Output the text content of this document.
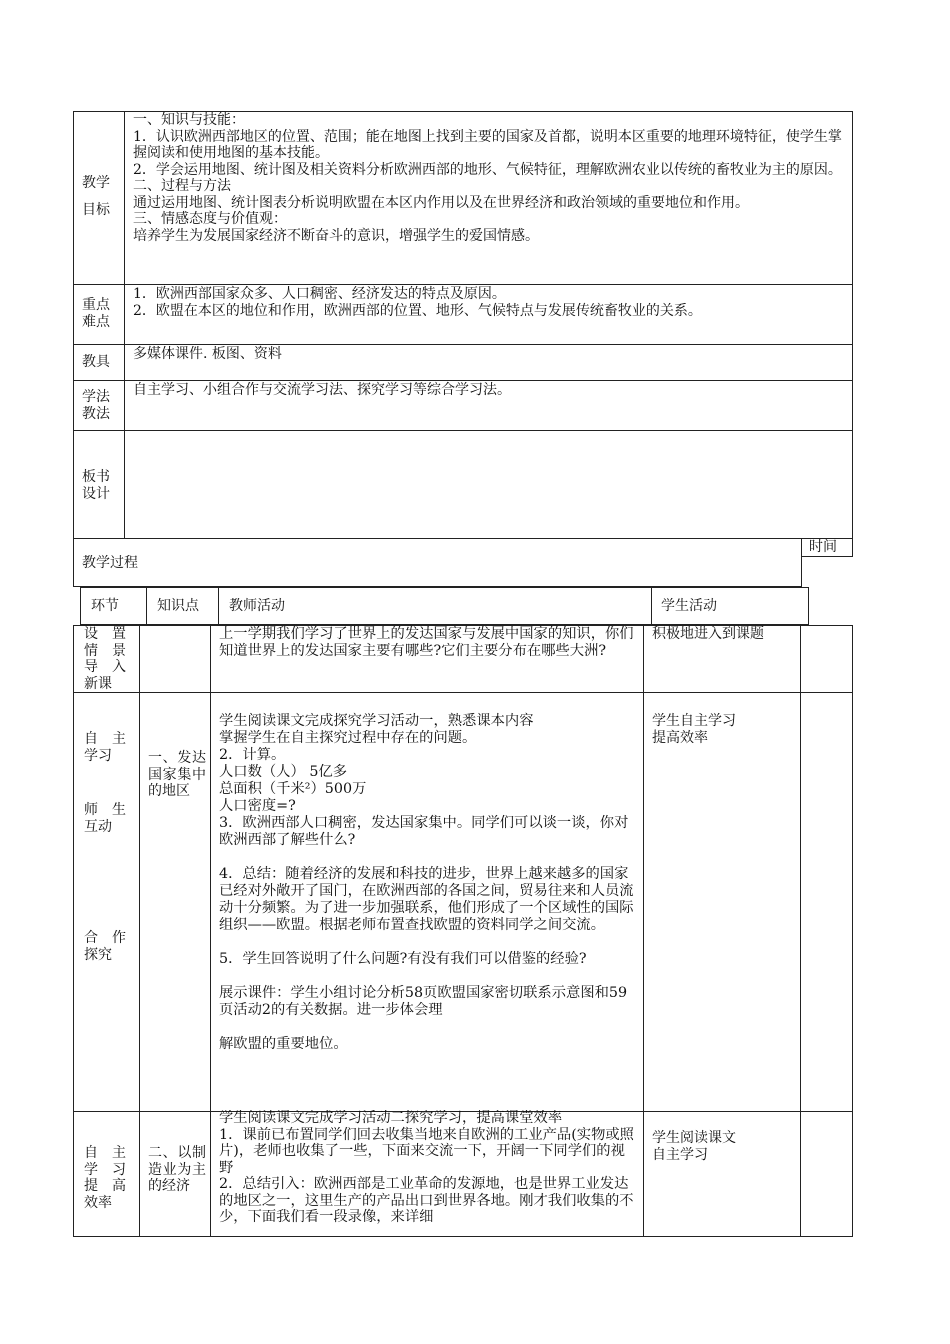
教学
目标

一、知识与技能：

1．认识欧洲西部地区的位置、范围；能在地图上找到主要的国家及首都，说明本区重要的地理环境特征，使学生掌握阅读和使用地图的基本技能。

2．学会运用地图、统计图及相关资料分析欧洲西部的地形、气候特征，理解欧洲农业以传统的畜牧业为主的原因。

二、过程与方法

通过运用地图、统计图表分析说明欧盟在本区内作用以及在世界经济和政治领域的重要地位和作用。

三、情感态度与价值观：

培养学生为发展国家经济不断奋斗的意识，增强学生的爱国情感。

重点
难点

1．欧洲西部国家众多、人口稠密、经济发达的特点及原因。

2．欧盟在本区的地位和作用，欧洲西部的位置、地形、气候特点与发展传统畜牧业的关系。

教具 多媒体课件. 板图、资料
学法
教法
自主学习、小组合作与交流学习法、探究学习等综合学习法。
板书
设计
教学过程
时间
环节	知识点 教师活动	学生活动
设　置
情　景
导　入
新课
上一学期我们学习了世界上的发达国家与发展中国家的知识，你们知道世界上的发达国家主要有哪些?它们主要分布在哪些大洲?
积极地进入到课题
自　主
学习
师　生
互动
合　作
探究
一、发达国家集中的地区

学生阅读课文完成探究学习活动一，熟悉课本内容

掌握学生在自主探究过程中存在的问题。

2．计算。

人口数（人） 5亿多

总面积（千米²）500万

人口密度=?

3．欧洲西部人口稠密，发达国家集中。同学们可以谈一谈，你对欧洲西部了解些什么?

4．总结：随着经济的发展和科技的进步，世界上越来越多的国家已经对外敞开了国门，在欧洲西部的各国之间，贸易往来和人员流动十分频繁。为了进一步加强联系，他们形成了一个区域性的国际组织——欧盟。根据老师布置查找欧盟的资料同学之间交流。

5．学生回答说明了什么问题?有没有我们可以借鉴的经验?

展示课件：学生小组讨论分析58页欧盟国家密切联系示意图和59页活动2的有关数据。进一步体会理

解欧盟的重要地位。

学生自主学习
提高效率
自　主
学　习
提　高
效率
二、以制造业为主的经济

学生阅读课文完成学习活动二探究学习，提高课堂效率

1．课前已布置同学们回去收集当地来自欧洲的工业产品(实物或照片)，老师也收集了一些，下面来交流一下，开阔一下同学们的视野

2．总结引入：欧洲西部是工业革命的发源地，也是世界工业发达的地区之一，这里生产的产品出口到世界各地。刚才我们收集的不少，下面我们看一段录像，来详细

学生阅读课文
自主学习
